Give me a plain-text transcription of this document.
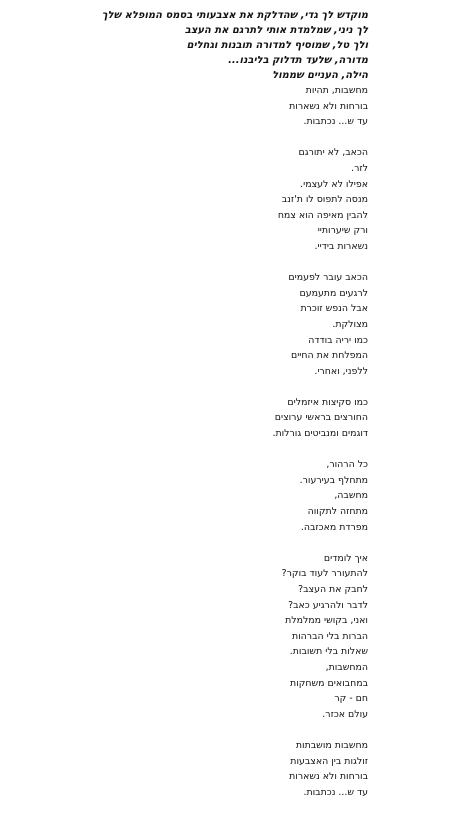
מוקדש לך גדי, שהדלקת את אצבעותי בסמס המופלא שלך
לך ניני, שמלמדת אותי לתרגם את העצב
ולך טל, שמוסיף למדורה תובנות וגחלים
מדורה, שלעד תדלוק בליבנו...
הילה, העניים שממול
מחשבות, תהיות
בורחות ולא נשארות
עד ש... נכתבות.
הכאב, לא יתורגם
לזר.
אפילו לא לעצמי.
מנסה לתפוס לו ת'זנב
להבין מאיפה הוא צמח
ורק שיערותיי
נשארות בידיי.
הכאב עובר לפעמים
לרגעים מתעמעם
אבל הנפש זוכרת
מצולקת.
כמו יריה בודדה
המפלחת את החיים
ללפני, ואחרי.
כמו סקיצות איזמלים
החורצים בראשי ערוצים
דוגמים ומנביטים גורלות.
כל הרהור,
מתחלף בעירעור.
מחשבה,
מתחזה לתקווה
מפרדת מאכזבה.
איך לומדים
להתעורר לעוד בוקר?
לחבק את העצב?
לדבר ולהרגיע כאב?
ואני, בקושי ממלמלת
הברות בלי הברהות
שאלות בלי תשובות.
המחשבות,
במחבואים משחקות
חם - קר
עולם אכזר.
מחשבות מושבתות
זולגות בין האצבעות
בורחות ולא נשארות
עד ש... נכתבות.
